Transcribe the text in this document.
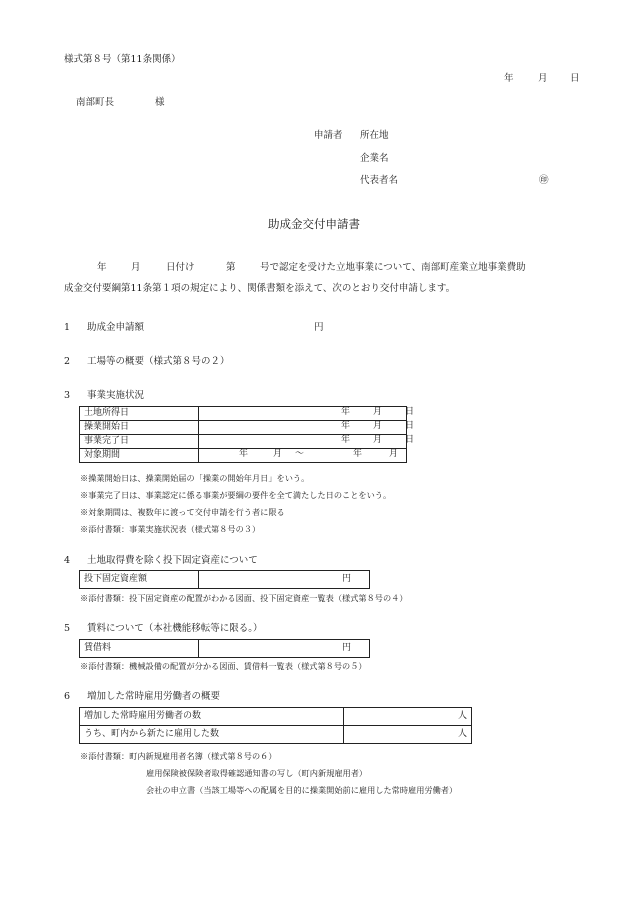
様式第８号（第11条関係）
年	月 日
南部町長	様
申請者 所在地
企業名
代表者名	㊞
助成金交付申請書
年	月	日付け	第	号で認定を受けた立地事業について、南部町産業立地事業費助
成金交付要綱第11条第１項の規定により、関係書類を添えて、次のとおり交付申請します。
1 助成金申請額	円
2 工場等の概要（様式第８号の２）
3 事業実施状況
土地所得日	年 月 日

操業開始日	年 月 日

事業完了日	年 月 日

対象期間	年 月 ～ 年 月
※操業開始日は、操業開始届の「操業の開始年月日」をいう。
※事業完了日は、事業認定に係る事業が要綱の要件を全て満たした日のことをいう。
※対象期間は、複数年に渡って交付申請を行う者に限る
※添付書類：事業実施状況表（様式第８号の３）
4 土地取得費を除く投下固定資産について
投下固定資産額	円
※添付書類：投下固定資産の配置がわかる図面、投下固定資産一覧表（様式第８号の４）
5 賃料について（本社機能移転等に限る。）
賃借料	円
※添付書類：機械設備の配置が分かる図面、賃借料一覧表（様式第８号の５）
6 増加した常時雇用労働者の概要
増加した常時雇用労働者の数	人
うち、町内から新たに雇用した数	人
※添付書類：町内新規雇用者名簿（様式第８号の６）
雇用保険被保険者取得確認通知書の写し（町内新規雇用者）
会社の申立書（当該工場等への配属を目的に操業開始前に雇用した常時雇用労働者）
